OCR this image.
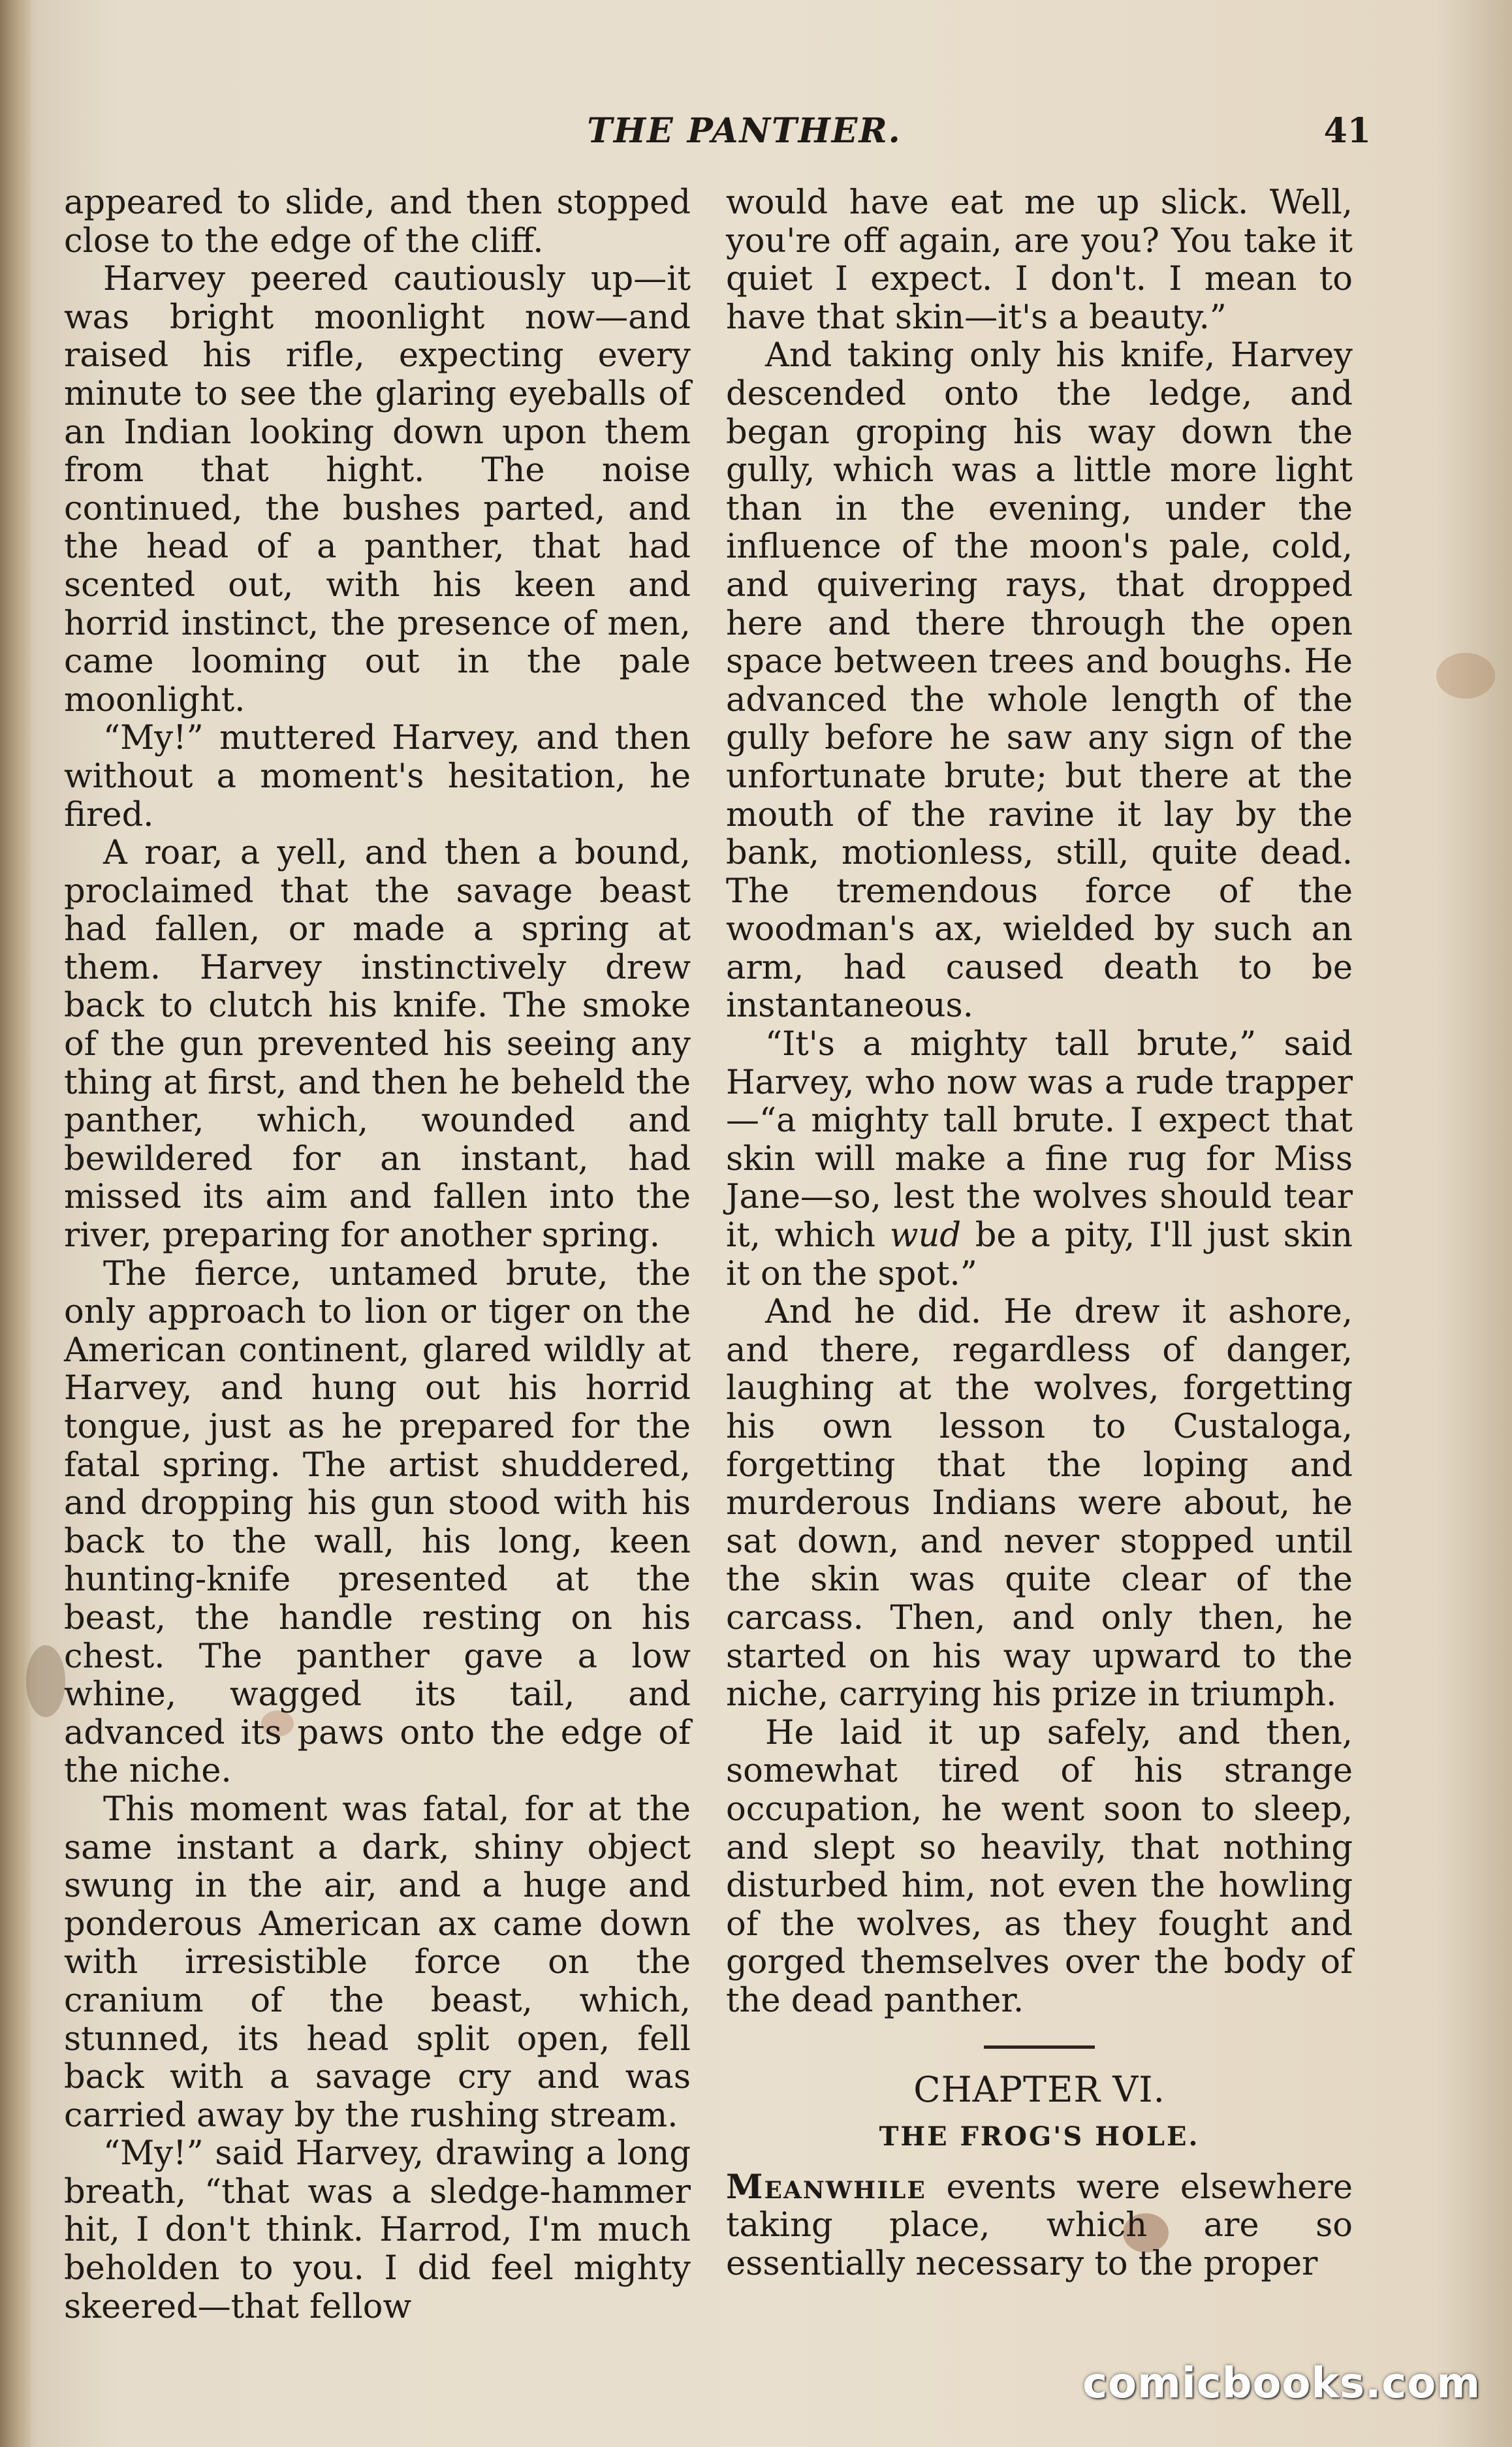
THE PANTHER.	41

appeared to slide, and then stopped close to the edge of the cliff.

Harvey peered cautiously up—it was bright moonlight now—and raised his rifle, expecting every minute to see the glaring eyeballs of an Indian looking down upon them from that hight. The noise continued, the bushes parted, and the head of a panther, that had scented out, with his keen and horrid instinct, the presence of men, came looming out in the pale moonlight.

“My!” muttered Harvey, and then without a moment's hesitation, he fired.

A roar, a yell, and then a bound, proclaimed that the savage beast had fallen, or made a spring at them. Harvey instinctively drew back to clutch his knife. The smoke of the gun prevented his seeing any thing at first, and then he beheld the panther, which, wounded and bewildered for an instant, had missed its aim and fallen into the river, preparing for another spring.

The fierce, untamed brute, the only approach to lion or tiger on the American continent, glared wildly at Harvey, and hung out his horrid tongue, just as he prepared for the fatal spring. The artist shuddered, and dropping his gun stood with his back to the wall, his long, keen hunting-knife presented at the beast, the handle resting on his chest. The panther gave a low whine, wagged its tail, and advanced its paws onto the edge of the niche.

This moment was fatal, for at the same instant a dark, shiny object swung in the air, and a huge and ponderous American ax came down with irresistible force on the cranium of the beast, which, stunned, its head split open, fell back with a savage cry and was carried away by the rushing stream.

“My!” said Harvey, drawing a long breath, “that was a sledge-hammer hit, I don't think. Harrod, I'm much beholden to you. I did feel mighty skeered—that fellow

would have eat me up slick. Well, you're off again, are you? You take it quiet I expect. I don't. I mean to have that skin—it's a beauty.”

And taking only his knife, Harvey descended onto the ledge, and began groping his way down the gully, which was a little more light than in the evening, under the influence of the moon's pale, cold, and quivering rays, that dropped here and there through the open space between trees and boughs. He advanced the whole length of the gully before he saw any sign of the unfortunate brute; but there at the mouth of the ravine it lay by the bank, motionless, still, quite dead. The tremendous force of the woodman's ax, wielded by such an arm, had caused death to be instantaneous.

“It's a mighty tall brute,” said Harvey, who now was a rude trapper—“a mighty tall brute. I expect that skin will make a fine rug for Miss Jane—so, lest the wolves should tear it, which wud be a pity, I'll just skin it on the spot.”

And he did. He drew it ashore, and there, regardless of danger, laughing at the wolves, forgetting his own lesson to Custaloga, forgetting that the loping and murderous Indians were about, he sat down, and never stopped until the skin was quite clear of the carcass. Then, and only then, he started on his way upward to the niche, carrying his prize in triumph.

He laid it up safely, and then, somewhat tired of his strange occupation, he went soon to sleep, and slept so heavily, that nothing disturbed him, not even the howling of the wolves, as they fought and gorged themselves over the body of the dead panther.

CHAPTER VI.
THE FROG'S HOLE.

Meanwhile events were elsewhere taking place, which are so essentially necessary to the proper

comicbooks.com
